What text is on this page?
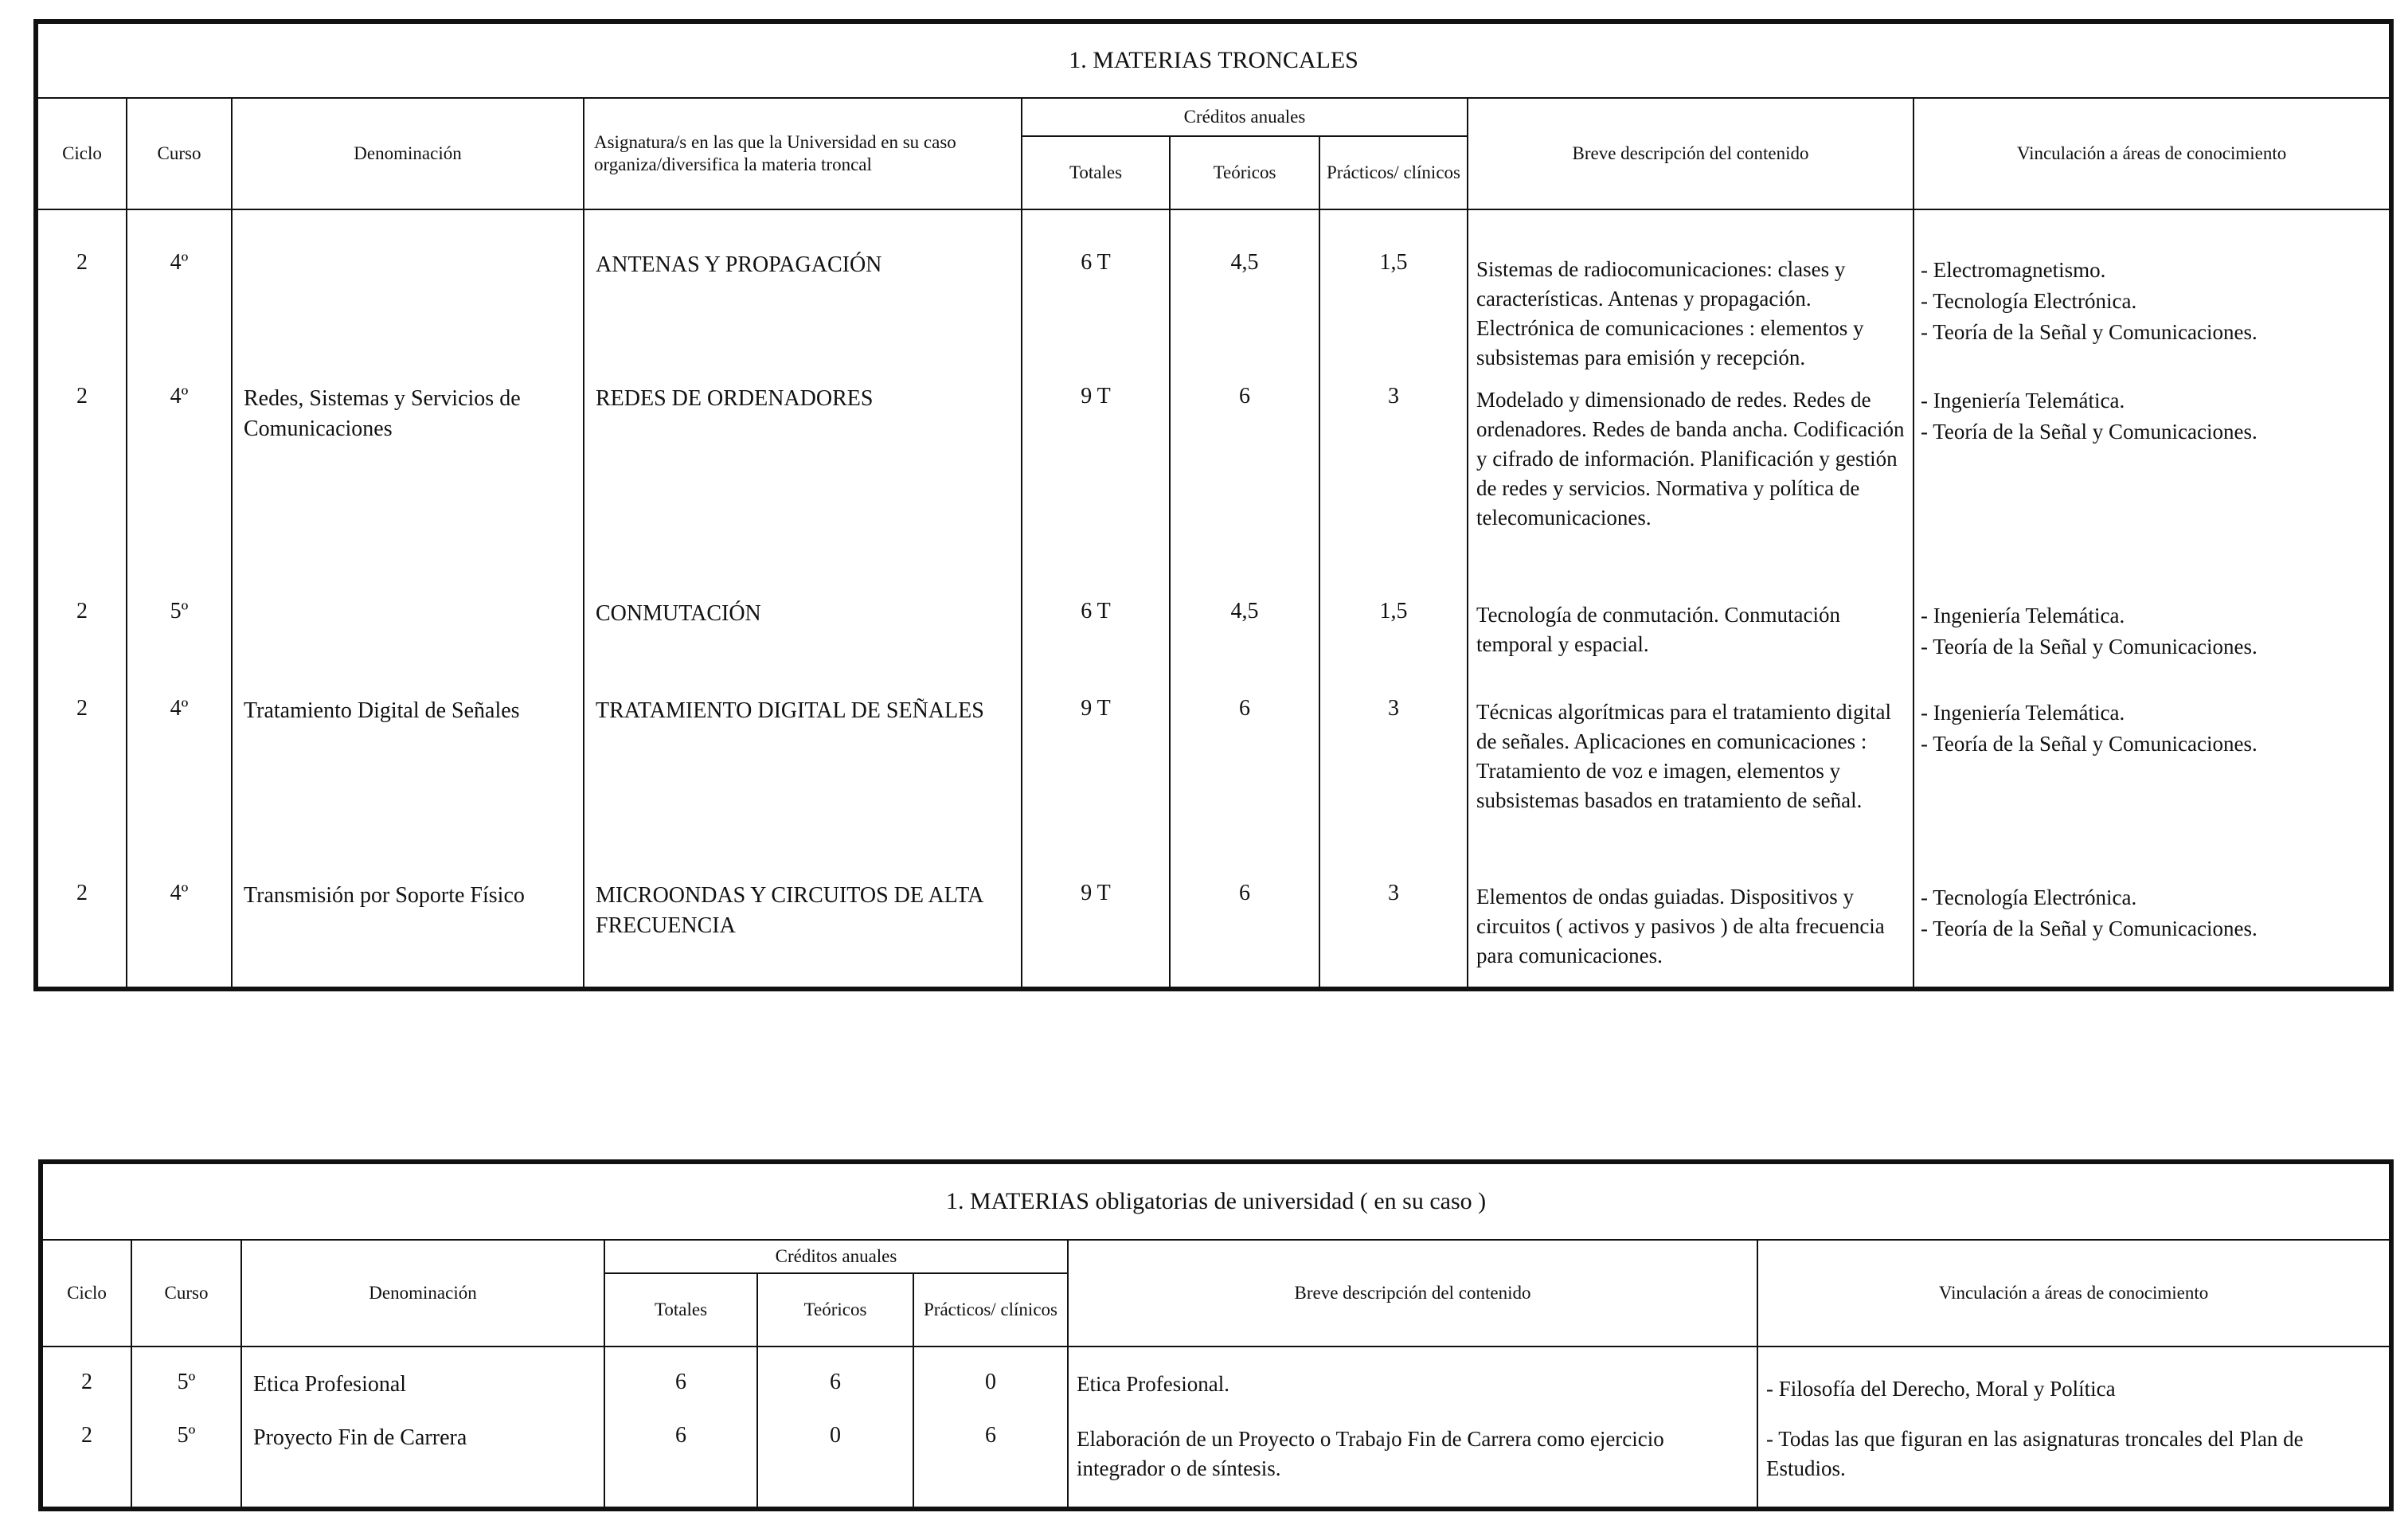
1. MATERIAS TRONCALES								
Ciclo	Curso	Denominación	Asignatura/s en las que la Universidad en su caso organiza/diversifica la materia troncal	Créditos anuales			Breve descripción del contenido	Vinculación a áreas de conocimiento
				Totales	Teóricos	Prácticos/ clínicos		
2	4º		ANTENAS Y PROPAGACIÓN	6 T	4,5	1,5	Sistemas de radiocomunicaciones: clases y características. Antenas y propagación. Electrónica de comunicaciones : elementos y subsistemas para emisión y recepción.	- Electromagnetismo.
- Tecnología Electrónica.
- Teoría de la Señal y Comunicaciones.

2	4º	Redes, Sistemas y Servicios de Comunicaciones	REDES DE ORDENADORES	9 T	6	3	Modelado y dimensionado de redes. Redes de ordenadores. Redes de banda ancha. Codificación y cifrado de información. Planificación y gestión de redes y servicios. Normativa y política de telecomunicaciones.	- Ingeniería Telemática.
- Teoría de la Señal y Comunicaciones.

2	5º		CONMUTACIÓN	6 T	4,5	1,5	Tecnología de conmutación. Conmutación temporal y espacial.	- Ingeniería Telemática.
- Teoría de la Señal y Comunicaciones.

2	4º	Tratamiento Digital de Señales	TRATAMIENTO DIGITAL DE SEÑALES	9 T	6	3	Técnicas algorítmicas para el tratamiento digital de señales. Aplicaciones en comunicaciones : Tratamiento de voz e imagen, elementos y subsistemas basados en tratamiento de señal.	- Ingeniería Telemática.
- Teoría de la Señal y Comunicaciones.

2	4º	Transmisión por Soporte Físico	MICROONDAS Y CIRCUITOS DE ALTA FRECUENCIA	9 T	6	3	Elementos de ondas guiadas. Dispositivos y circuitos ( activos y pasivos ) de alta frecuencia para comunicaciones.	- Tecnología Electrónica.
- Teoría de la Señal y Comunicaciones.
1. MATERIAS obligatorias de universidad ( en su caso )							
Ciclo	Curso	Denominación	Créditos anuales			Breve descripción del contenido	Vinculación a áreas de conocimiento
			Totales	Teóricos	Prácticos/ clínicos		
2	5º	Etica Profesional	6	6	0	Etica Profesional.	- Filosofía del Derecho, Moral y Política
2	5º	Proyecto Fin de Carrera	6	0	6	Elaboración de un Proyecto o Trabajo Fin de Carrera como ejercicio integrador o de síntesis.	- Todas las que figuran en las asignaturas troncales del Plan de Estudios.
